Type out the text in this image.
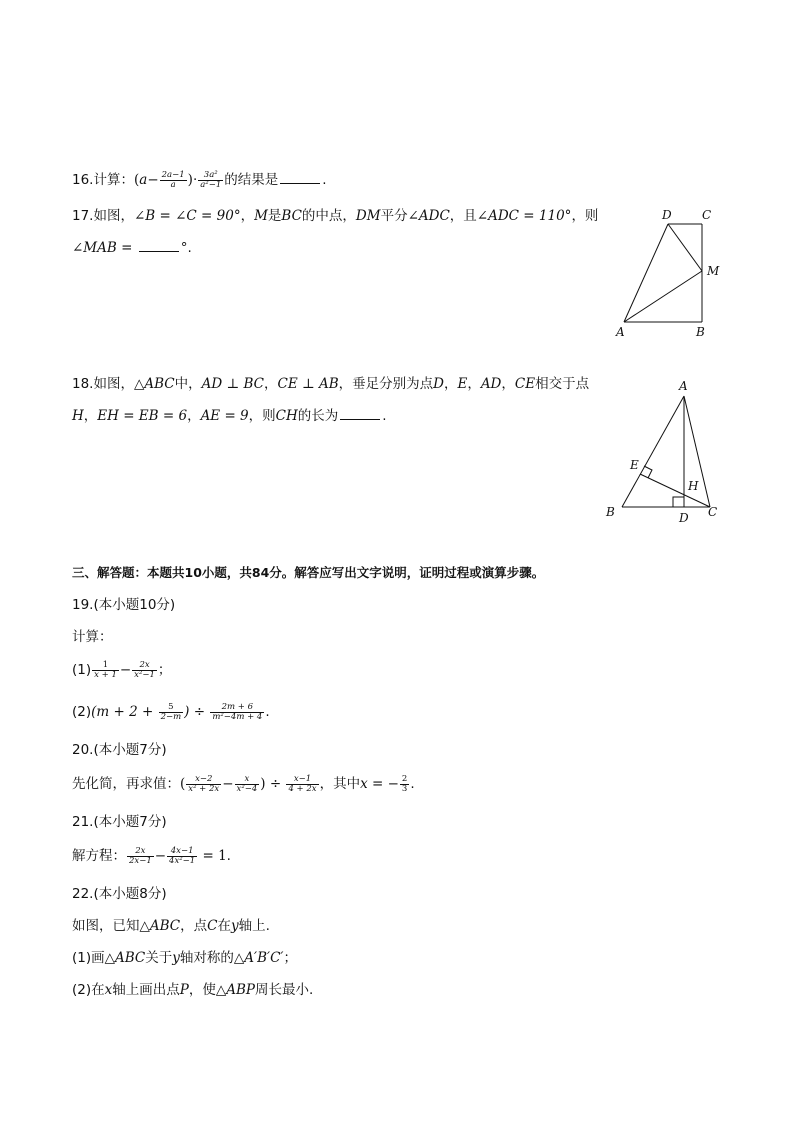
16.计算：($a- \frac{2a-1}{a}$ )· $\frac{\text{3a²}}{\text{a²−1}}$ 的结果是	.
17.如图，∠B = ∠C = 90°，M是BC的中点，DM平分∠ADC，且∠ADC = 110°，则
∠MAB =	°.
D	C
M
A	B
18.如图，△ABC中，AD ⊥ BC，CE ⊥ AB，垂足分别为点D，E，AD，CE相交于点
H，EH = EB = 6，AE = 9，则CH的长为	.
A
E
H
B	D C
三、解答题：本题共10小题，共84分。解答应写出文字说明，证明过程或演算步骤。
19.(本小题10分)
计算：
$(1) \frac{1}{x + 1} - \frac{2x}{\text{x²−1}}$ ；
$(2)(m + 2 + \frac{5}{2-m}$ ) ÷ $\frac{2m + 6}{\text{m²−4m + 4}}$ .
20.(本小题7分)
先化简，再求值：( $\frac{x-2}{\text{x² + 2x}} - \frac{x}{\text{x²−4}}$ ) ÷ $\frac{x-1}{4 + 2x}$ ，其中x = − $\frac{2}{3}$ .
21.(本小题7分)
解方程： $\frac{2x}{2x-1} - \frac{4x-1}{\text{4x²−1}} = 1$.
22.(本小题8分)
如图，已知△ABC，点C在y轴上.
(1)画△ABC关于y轴对称的△A′B′C′；
(2)在x轴上画出点P，使△ABP周长最小.
